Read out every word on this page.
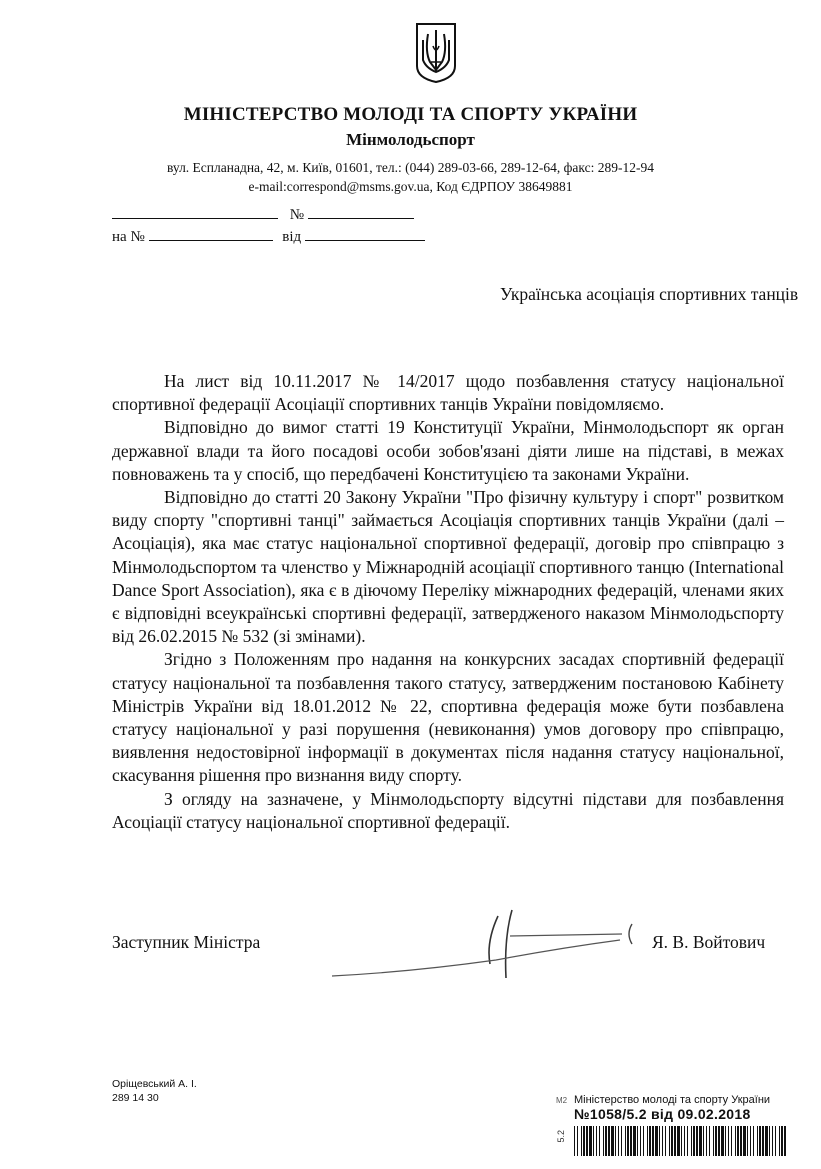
МІНІСТЕРСТВО МОЛОДІ ТА СПОРТУ УКРАЇНИ
Мінмолодьспорт
вул. Еспланадна, 42, м. Київ, 01601, тел.: (044) 289-03-66, 289-12-64, факс: 289-12-94
e-mail:correspond@msms.gov.ua, Код ЄДРПОУ 38649881
№
на №	від
Українська асоціація спортивних танців

На лист від 10.11.2017 № 14/2017 щодо позбавлення статусу національної спортивної федерації Асоціації спортивних танців України повідомляємо.

Відповідно до вимог статті 19 Конституції України, Мінмолодьспорт як орган державної влади та його посадові особи зобов'язані діяти лише на підставі, в межах повноважень та у спосіб, що передбачені Конституцією та законами України.

Відповідно до статті 20 Закону України "Про фізичну культуру і спорт" розвитком виду спорту "спортивні танці" займається Асоціація спортивних танців України (далі – Асоціація), яка має статус національної спортивної федерації, договір про співпрацю з Мінмолодьспортом та членство у Міжнародній асоціації спортивного танцю (International Dance Sport Association), яка є в діючому Переліку міжнародних федерацій, членами яких є відповідні всеукраїнські спортивні федерації, затвердженого наказом Мінмолодьспорту від 26.02.2015 № 532 (зі змінами).

Згідно з Положенням про надання на конкурсних засадах спортивній федерації статусу національної та позбавлення такого статусу, затвердженим постановою Кабінету Міністрів України від 18.01.2012 № 22, спортивна федерація може бути позбавлена статусу національної у разі порушення (невиконання) умов договору про співпрацю, виявлення недостовірної інформації в документах після надання статусу національної, скасування рішення про визнання виду спорту.

З огляду на зазначене, у Мінмолодьспорту відсутні підстави для позбавлення Асоціації статусу національної спортивної федерації.

Заступник Міністра	Я. В. Войтович
Оріщевський А. І.
289 14 30	М2 Міністерство молоді та спорту України
№1058/5.2 від 09.02.2018
5.2
